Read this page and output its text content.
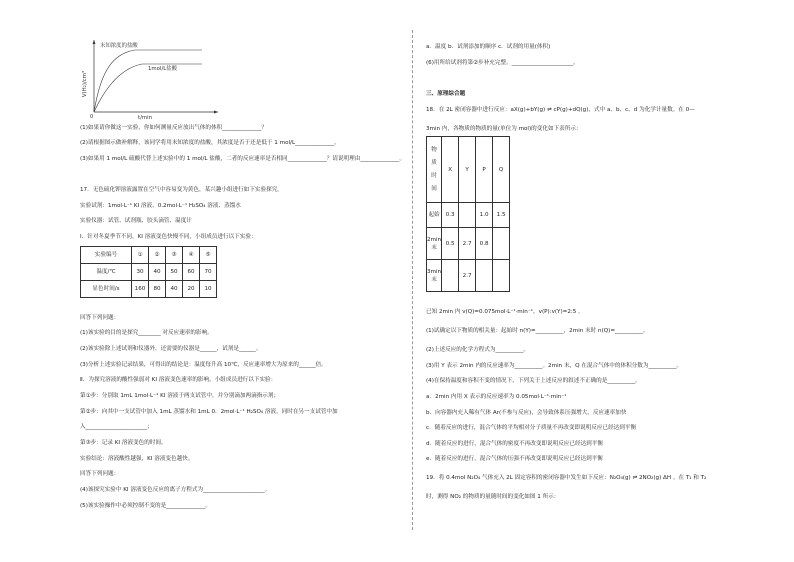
未知浓度的盐酸
1mol/L盐酸
V(H₂)/cm³
t/min
0
(1)如果请你做这一实验，你如何测量反应放出气体的体积______________？
(2)请根据图示做补解释，该同学将用未知浓度的盐酸，其浓度是否于还是低于 1 mol/L______________。
(3)如果用 1 mol/L 硫酸代替上述实验中的 1 mol/L 盐酸，二者的反应速率是否相同______________？请说明理由______________。
17．无色硫化钾溶液露置在空气中容易变为黄色，某兴趣小组进行如下实验探究。
实验试剂：1mol·L⁻¹ KI 溶液、0.2mol·L⁻¹ H₂SO₄ 溶液、蒸馏水
实验仪器：试管、试剂瓶、胶头滴管、温度计
Ⅰ．针对冬夏季节不同，KI 溶液变色快慢不同，小组成员进行以下实验：
实验编号	①	②	③	④	⑤
温度/℃	30	40	50	60	70
显色时间/s	160	80	40	20	10
回答下列问题：
(1)该实验的目的是探究________ 对反应速率的影响。
(2)该实验除上述试剂和仪器外，还需要的仪器是______，试剂是______。
(3)分析上述实验记录结果，可得出的结论是：温度每升高 10℃，反应速率增大为原来的______倍。
Ⅱ．为探究溶液的酸性强弱对 KI 溶液变色速率的影响，小组成员进行以下实验：
第①步：分别取 1mL 1mol·L⁻¹ KI 溶液于两支试管中，并分别滴加两滴指示剂；
第②步：向其中一支试管中加入 1mL 蒸馏水和 1mL 0．2mol·L⁻¹ H₂SO₄ 溶液，同时在另一支试管中加
入______________________；
第③步：记录 KI 溶液变色的时间。
实验结论：溶液酸性越强，KI 溶液变色越快。
回答下列问题：
(4)该探究实验中 KI 溶液变色反应的离子方程式为______________________。
(5)该实验操作中必须控制不变的是______________。
a．温度 b．试剂添加的顺序 c．试剂的用量(体积)
(6)用所给试剂将第②步补充完整。______________________。
三、原理综合题
18．在 2L 密闭容器中进行反应：aX(g)+bY(g) ⇌ cP(g)+dQ(g)，式中 a、b、c、d 为化学计量数。在 0—
3min 内，各物质的物质的量(单位为 mol)的变化如下表所示：
物
质
时
间	X	Y	P	Q
起始	0.3		1.0	1.5
2min末	0.5	2.7	0.8	
3min末		2.7		
已知 2min 内 v(Q)=0.075mol·L⁻¹·min⁻¹，v(P):v(Y)=2:5 。
(1)试确定以下物质的相关量：起始时 n(Y)=__________，2min 末时 n(Q)=__________。
(2)上述反应的化学方程式为__________。
(3)用 Y 表示 2min 内的反应速率为__________。2min 末，Q 在混合气体中的体积分数为__________。
(4)在保持温度和容积不变的情况下，下列关于上述反应的叙述不正确的是__________。
a．2min 内用 X 表示的反应速率为 0.05mol·L⁻¹·min⁻¹
b．向容器内充入稀有气体 Ar(不参与反应)，会导致体系压强增大，反应速率加快
c．随着反应的进行，混合气体的平均相对分子质量不再改变即说明反应已经达到平衡
d．随着反应的进行，混合气体的密度不再改变即说明反应已经达到平衡
e．随着反应的进行，混合气体的压强不再改变即说明反应已经达到平衡
19．将 0.4mol N₂O₄ 气体充入 2L 固定容积的密闭容器中发生如下反应：N₂O₄(g) ⇌ 2NO₂(g) ΔH 。在 T₁ 和 T₂
时，测得 NO₂ 的物质的量随时间的变化如图 1 所示：
